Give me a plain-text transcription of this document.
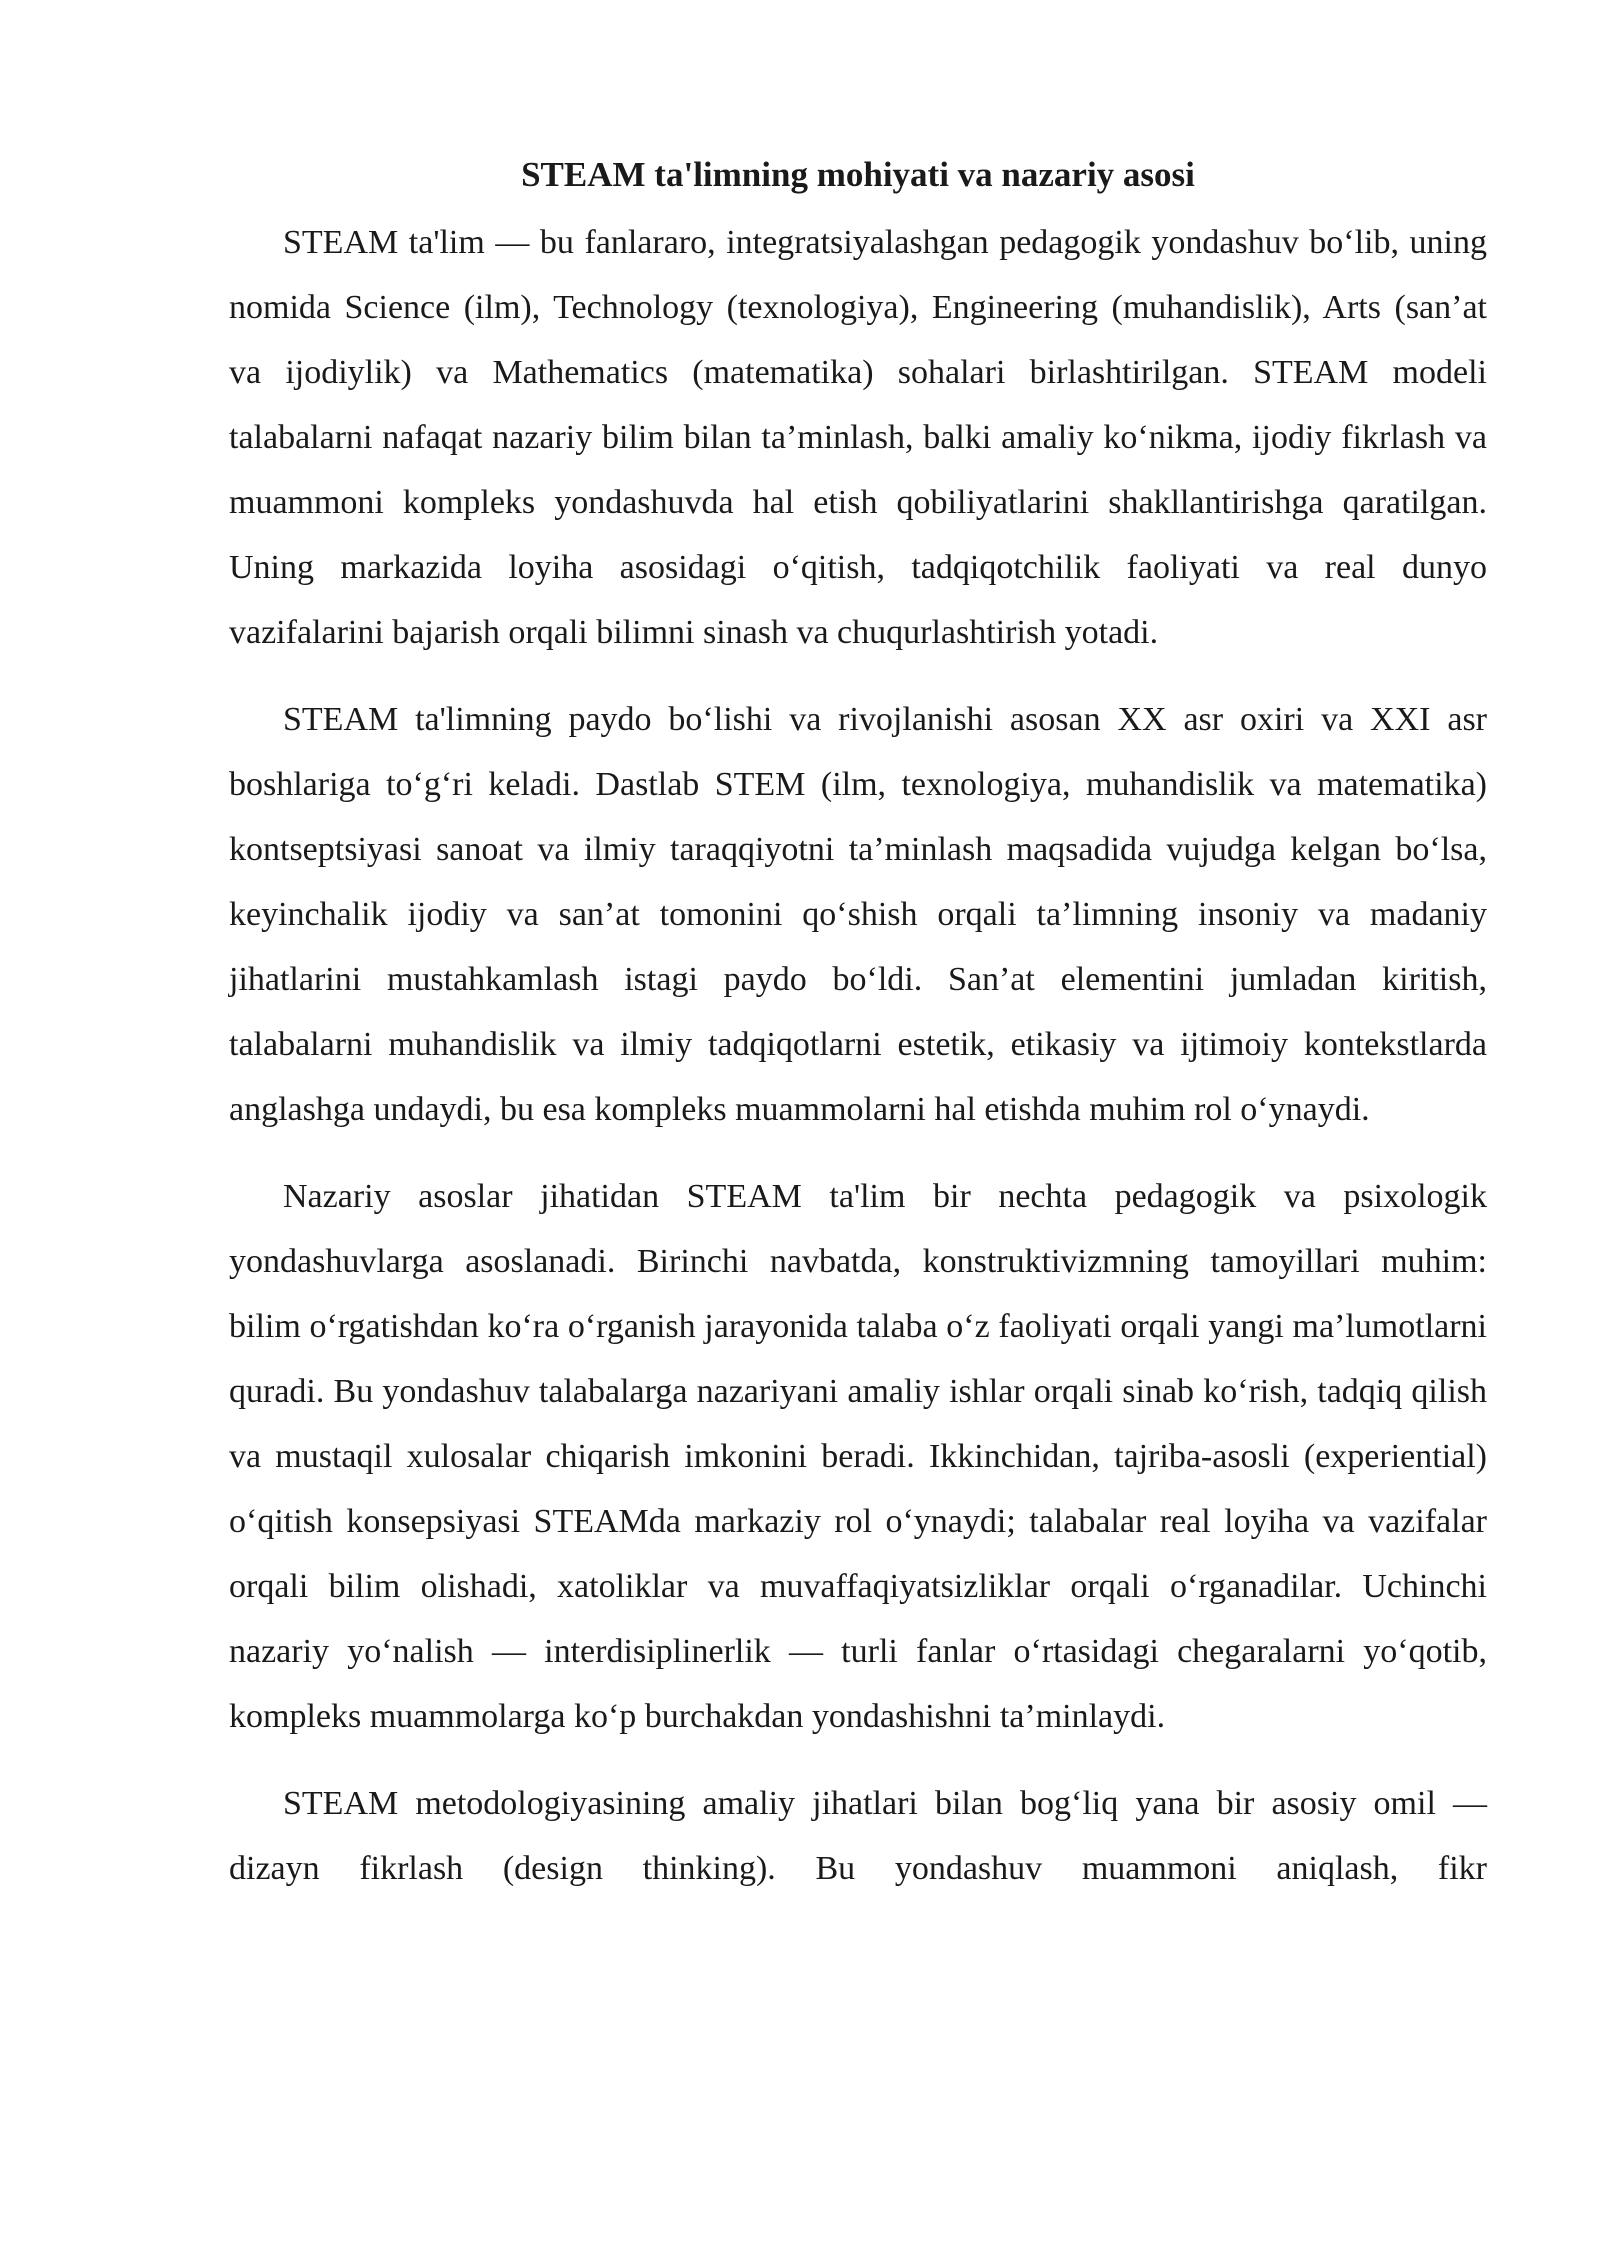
STEAM ta'limning mohiyati va nazariy asosi

STEAM ta'lim — bu fanlararo, integratsiyalashgan pedagogik yondashuv bo‘lib, uning nomida Science (ilm), Technology (texnologiya), Engineering (muhandislik), Arts (san’at va ijodiylik) va Mathematics (matematika) sohalari birlashtirilgan. STEAM modeli talabalarni nafaqat nazariy bilim bilan ta’minlash, balki amaliy ko‘nikma, ijodiy fikrlash va muammoni kompleks yondashuvda hal etish qobiliyatlarini shakllantirishga qaratilgan. Uning markazida loyiha asosidagi o‘qitish, tadqiqotchilik faoliyati va real dunyo vazifalarini bajarish orqali bilimni sinash va chuqurlashtirish yotadi.

STEAM ta'limning paydo bo‘lishi va rivojlanishi asosan XX asr oxiri va XXI asr boshlariga to‘g‘ri keladi. Dastlab STEM (ilm, texnologiya, muhandislik va matematika) kontseptsiyasi sanoat va ilmiy taraqqiyotni ta’minlash maqsadida vujudga kelgan bo‘lsa, keyinchalik ijodiy va san’at tomonini qo‘shish orqali ta’limning insoniy va madaniy jihatlarini mustahkamlash istagi paydo bo‘ldi. San’at elementini jumladan kiritish, talabalarni muhandislik va ilmiy tadqiqotlarni estetik, etikasiy va ijtimoiy kontekstlarda anglashga undaydi, bu esa kompleks muammolarni hal etishda muhim rol o‘ynaydi.

Nazariy asoslar jihatidan STEAM ta'lim bir nechta pedagogik va psixologik yondashuvlarga asoslanadi. Birinchi navbatda, konstruktivizmning tamoyillari muhim: bilim o‘rgatishdan ko‘ra o‘rganish jarayonida talaba o‘z faoliyati orqali yangi ma’lumotlarni quradi. Bu yondashuv talabalarga nazariyani amaliy ishlar orqali sinab ko‘rish, tadqiq qilish va mustaqil xulosalar chiqarish imkonini beradi. Ikkinchidan, tajriba-asosli (experiential) o‘qitish konsepsiyasi STEAMda markaziy rol o‘ynaydi; talabalar real loyiha va vazifalar orqali bilim olishadi, xatoliklar va muvaffaqiyatsizliklar orqali o‘rganadilar. Uchinchi nazariy yo‘nalish — interdisiplinerlik — turli fanlar o‘rtasidagi chegaralarni yo‘qotib, kompleks muammolarga ko‘p burchakdan yondashishni ta’minlaydi.

STEAM metodologiyasining amaliy jihatlari bilan bog‘liq yana bir asosiy omil — dizayn fikrlash (design thinking). Bu yondashuv muammoni aniqlash, fikr
